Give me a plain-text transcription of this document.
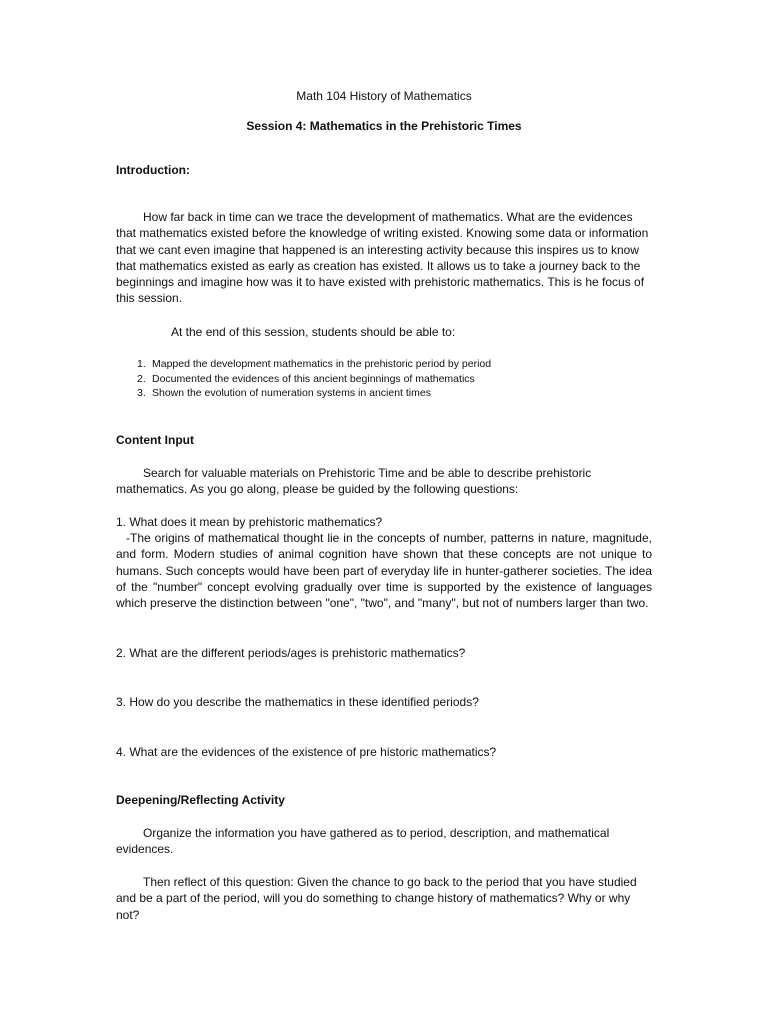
Math 104 History of Mathematics

Session 4: Mathematics in the Prehistoric Times

Introduction:

How far back in time can we trace the development of mathematics. What are the evidences that mathematics existed before the knowledge of writing existed. Knowing some data or information that we cant even imagine that happened is an interesting activity because this inspires us to know that mathematics existed as early as creation has existed. It allows us to take a journey back to the beginnings and imagine how was it to have existed with prehistoric mathematics. This is he focus of this session.

At the end of this session, students should be able to:

1. Mapped the development mathematics in the prehistoric period by period
2. Documented the evidences of this ancient beginnings of mathematics
3. Shown the evolution of numeration systems in ancient times

Content Input

Search for valuable materials on Prehistoric Time and be able to describe prehistoric mathematics. As you go along, please be guided by the following questions:

1. What does it mean by prehistoric mathematics?

-The origins of mathematical thought lie in the concepts of number, patterns in nature, magnitude, and form. Modern studies of animal cognition have shown that these concepts are not unique to humans. Such concepts would have been part of everyday life in hunter-gatherer societies. The idea of the "number" concept evolving gradually over time is supported by the existence of languages which preserve the distinction between "one", "two", and "many", but not of numbers larger than two.

2. What are the different periods/ages is prehistoric mathematics?

3. How do you describe the mathematics in these identified periods?

4. What are the evidences of the existence of pre historic mathematics?

Deepening/Reflecting Activity

Organize the information you have gathered as to period, description, and mathematical evidences.

Then reflect of this question: Given the chance to go back to the period that you have studied and be a part of the period, will you do something to change history of mathematics? Why or why not?
